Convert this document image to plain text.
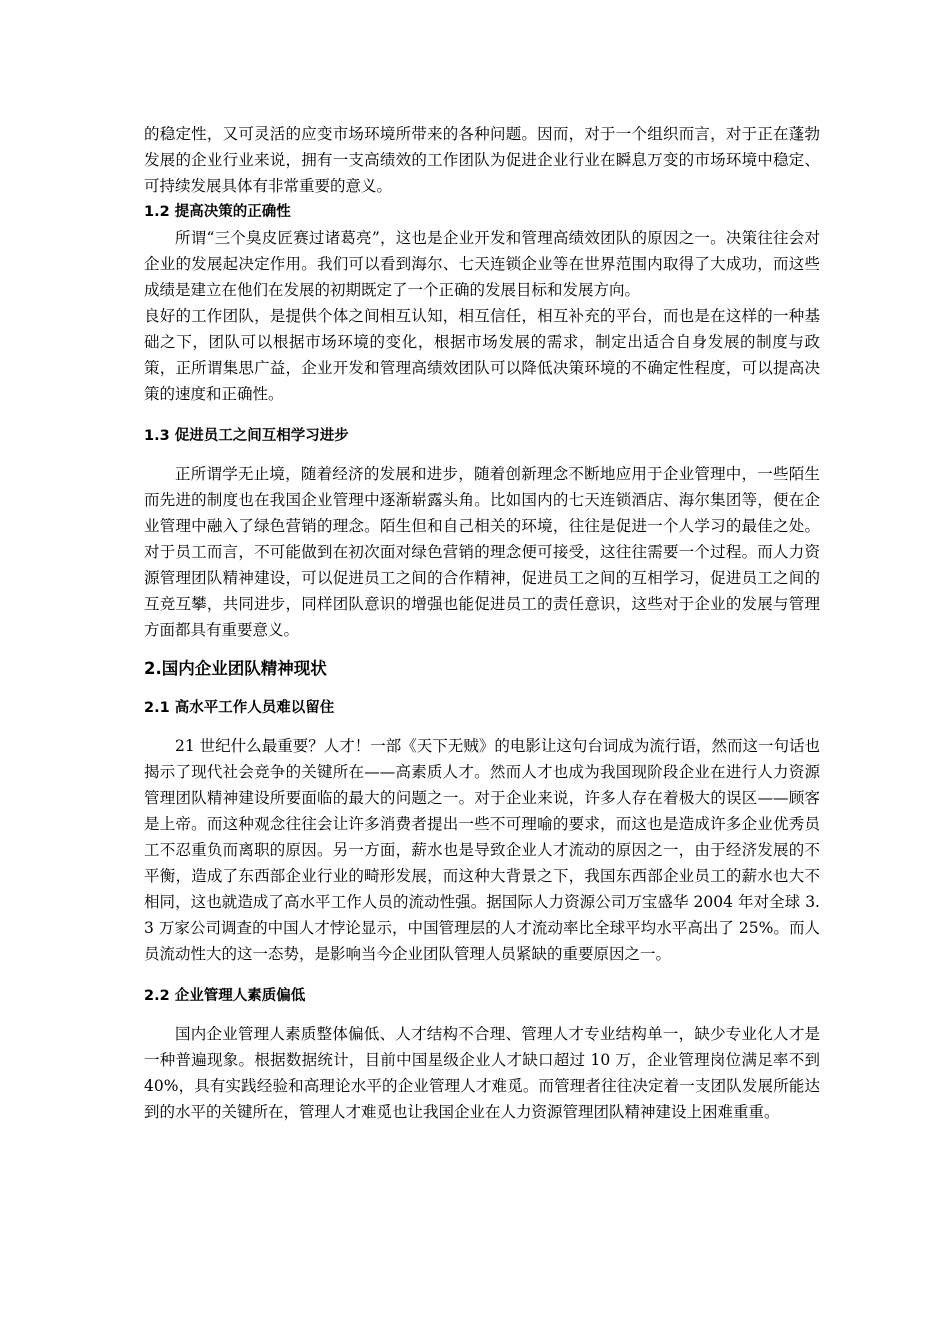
的稳定性，又可灵活的应变市场环境所带来的各种问题。因而，对于一个组织而言，对于正在蓬勃发展的企业行业来说，拥有一支高绩效的工作团队为促进企业行业在瞬息万变的市场环境中稳定、可持续发展具体有非常重要的意义。

1.2 提高决策的正确性

所谓“三个臭皮匠赛过诸葛亮”，这也是企业开发和管理高绩效团队的原因之一。决策往往会对企业的发展起决定作用。我们可以看到海尔、七天连锁企业等在世界范围内取得了大成功，而这些成绩是建立在他们在发展的初期既定了一个正确的发展目标和发展方向。

良好的工作团队，是提供个体之间相互认知，相互信任，相互补充的平台，而也是在这样的一种基础之下，团队可以根据市场环境的变化，根据市场发展的需求，制定出适合自身发展的制度与政策，正所谓集思广益，企业开发和管理高绩效团队可以降低决策环境的不确定性程度，可以提高决策的速度和正确性。

1.3 促进员工之间互相学习进步

正所谓学无止境，随着经济的发展和进步，随着创新理念不断地应用于企业管理中，一些陌生而先进的制度也在我国企业管理中逐渐崭露头角。比如国内的七天连锁酒店、海尔集团等，便在企业管理中融入了绿色营销的理念。陌生但和自己相关的环境，往往是促进一个人学习的最佳之处。对于员工而言，不可能做到在初次面对绿色营销的理念便可接受，这往往需要一个过程。而人力资源管理团队精神建设，可以促进员工之间的合作精神，促进员工之间的互相学习，促进员工之间的互竞互攀，共同进步，同样团队意识的增强也能促进员工的责任意识，这些对于企业的发展与管理方面都具有重要意义。

2.国内企业团队精神现状
2.1 高水平工作人员难以留住

21 世纪什么最重要？人才！一部《天下无贼》的电影让这句台词成为流行语，然而这一句话也揭示了现代社会竞争的关键所在——高素质人才。然而人才也成为我国现阶段企业在进行人力资源管理团队精神建设所要面临的最大的问题之一。对于企业来说，许多人存在着极大的误区——顾客是上帝。而这种观念往往会让许多消费者提出一些不可理喻的要求，而这也是造成许多企业优秀员工不忍重负而离职的原因。另一方面，薪水也是导致企业人才流动的原因之一，由于经济发展的不平衡，造成了东西部企业行业的畸形发展，而这种大背景之下，我国东西部企业员工的薪水也大不相同，这也就造成了高水平工作人员的流动性强。据国际人力资源公司万宝盛华 2004 年对全球 3.3 万家公司调查的中国人才悖论显示，中国管理层的人才流动率比全球平均水平高出了 25%。而人员流动性大的这一态势，是影响当今企业团队管理人员紧缺的重要原因之一。

2.2 企业管理人素质偏低

国内企业管理人素质整体偏低、人才结构不合理、管理人才专业结构单一，缺少专业化人才是一种普遍现象。根据数据统计，目前中国星级企业人才缺口超过 10 万，企业管理岗位满足率不到 40%，具有实践经验和高理论水平的企业管理人才难觅。而管理者往往决定着一支团队发展所能达到的水平的关键所在，管理人才难觅也让我国企业在人力资源管理团队精神建设上困难重重。
